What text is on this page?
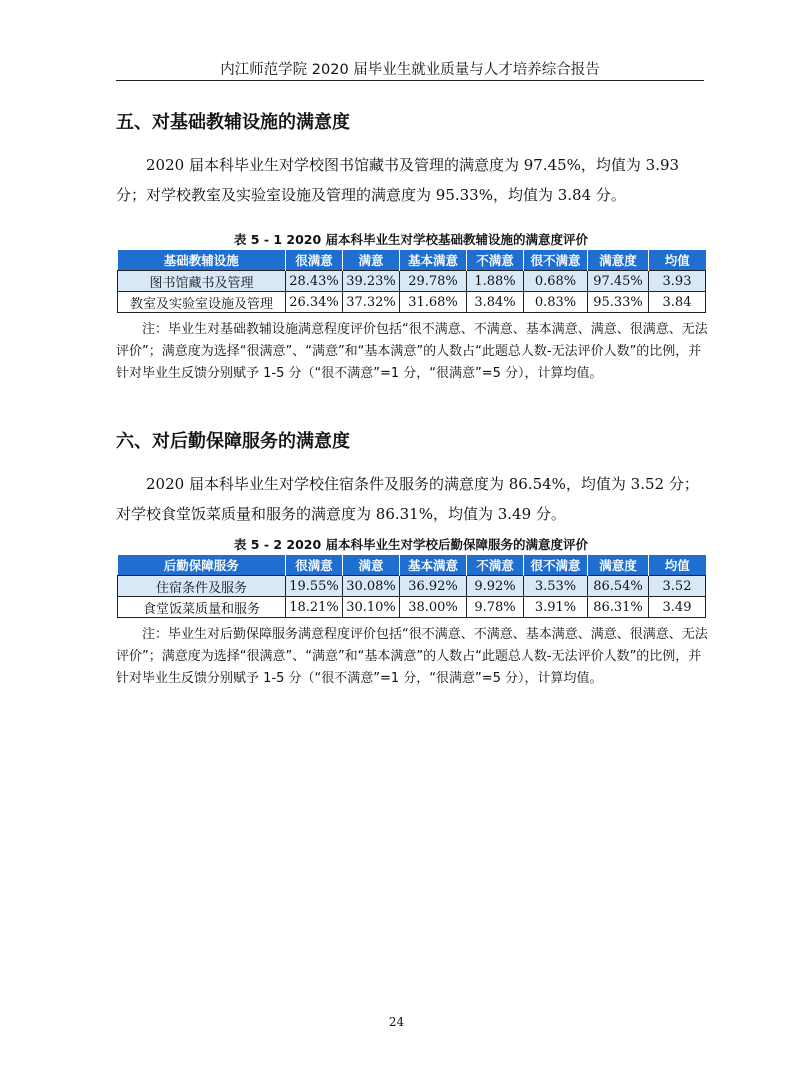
内江师范学院 2020 届毕业生就业质量与人才培养综合报告
五、对基础教辅设施的满意度
2020 届本科毕业生对学校图书馆藏书及管理的满意度为 97.45%，均值为 3.93 分；对学校教室及实验室设施及管理的满意度为 95.33%，均值为 3.84 分。
表 5 - 1 2020 届本科毕业生对学校基础教辅设施的满意度评价
基础教辅设施	很满意	满意	基本满意	不满意	很不满意	满意度	均值
图书馆藏书及管理	28.43%	39.23%	29.78%	1.88%	0.68%	97.45%	3.93
教室及实验室设施及管理	26.34%	37.32%	31.68%	3.84%	0.83%	95.33%	3.84
注：毕业生对基础教辅设施满意程度评价包括“很不满意、不满意、基本满意、满意、很满意、无法评价”；满意度为选择“很满意”、“满意”和“基本满意”的人数占“此题总人数-无法评价人数”的比例，并针对毕业生反馈分别赋予 1-5 分（“很不满意”=1 分，“很满意”=5 分），计算均值。
六、对后勤保障服务的满意度
2020 届本科毕业生对学校住宿条件及服务的满意度为 86.54%，均值为 3.52 分；对学校食堂饭菜质量和服务的满意度为 86.31%，均值为 3.49 分。
表 5 - 2 2020 届本科毕业生对学校后勤保障服务的满意度评价
后勤保障服务	很满意	满意	基本满意	不满意	很不满意	满意度	均值
住宿条件及服务	19.55%	30.08%	36.92%	9.92%	3.53%	86.54%	3.52
食堂饭菜质量和服务	18.21%	30.10%	38.00%	9.78%	3.91%	86.31%	3.49
注：毕业生对后勤保障服务满意程度评价包括“很不满意、不满意、基本满意、满意、很满意、无法评价”；满意度为选择“很满意”、“满意”和“基本满意”的人数占“此题总人数-无法评价人数”的比例，并针对毕业生反馈分别赋予 1-5 分（“很不满意”=1 分，“很满意”=5 分），计算均值。
24
